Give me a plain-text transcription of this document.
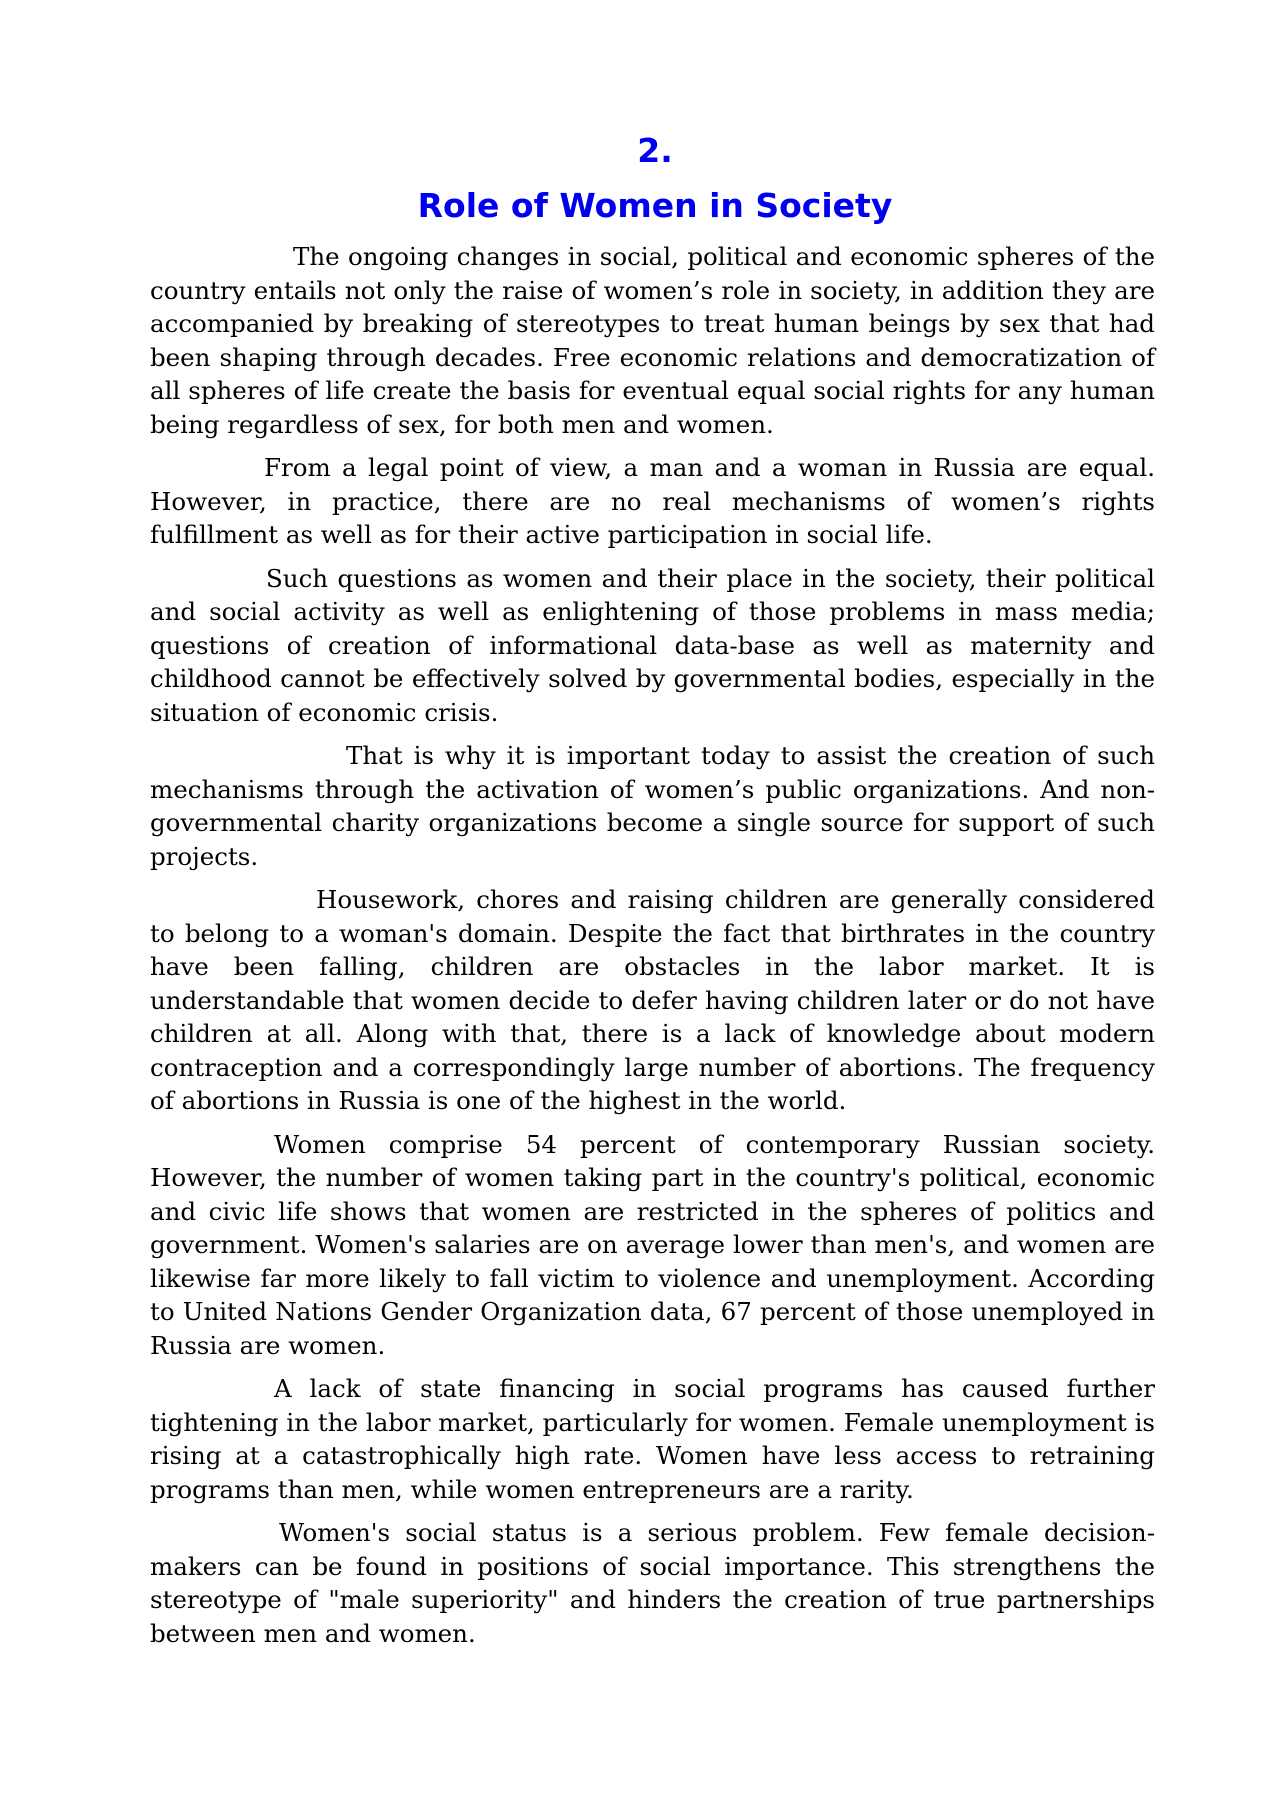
2.
Role of Women in Society

The ongoing changes in social, political and economic spheres of the country entails not only the raise of women’s role in society, in addition they are accompanied by breaking of stereotypes to treat human beings by sex that had been shaping through decades. Free economic relations and democratization of all spheres of life create the basis for eventual equal social rights for any human being regardless of sex, for both men and women.

From a legal point of view, a man and a woman in Russia are equal. However, in practice, there are no real mechanisms of women’s rights fulfillment as well as for their active participation in social life.

Such questions as women and their place in the society, their political and social activity as well as enlightening of those problems in mass media; questions of creation of informational data-base as well as maternity and childhood cannot be effectively solved by governmental bodies, especially in the situation of economic crisis.

That is why it is important today to assist the creation of such mechanisms through the activation of women’s public organizations. And non-governmental charity organizations become a single source for support of such projects.

Housework, chores and raising children are generally considered to belong to a woman's domain. Despite the fact that birthrates in the country have been falling, children are obstacles in the labor market. It is understandable that women decide to defer having children later or do not have children at all. Along with that, there is a lack of knowledge about modern contraception and a correspondingly large number of abortions. The frequency of abortions in Russia is one of the highest in the world.

Women comprise 54 percent of contemporary Russian society. However, the number of women taking part in the country's political, economic and civic life shows that women are restricted in the spheres of politics and government. Women's salaries are on average lower than men's, and women are likewise far more likely to fall victim to violence and unemployment. According to United Nations Gender Organization data, 67 percent of those unemployed in Russia are women.

A lack of state financing in social programs has caused further tightening in the labor market, particularly for women. Female unemployment is rising at a catastrophically high rate. Women have less access to retraining programs than men, while women entrepreneurs are a rarity.

Women's social status is a serious problem. Few female decision-makers can be found in positions of social importance. This strengthens the stereotype of "male superiority" and hinders the creation of true partnerships between men and women.
